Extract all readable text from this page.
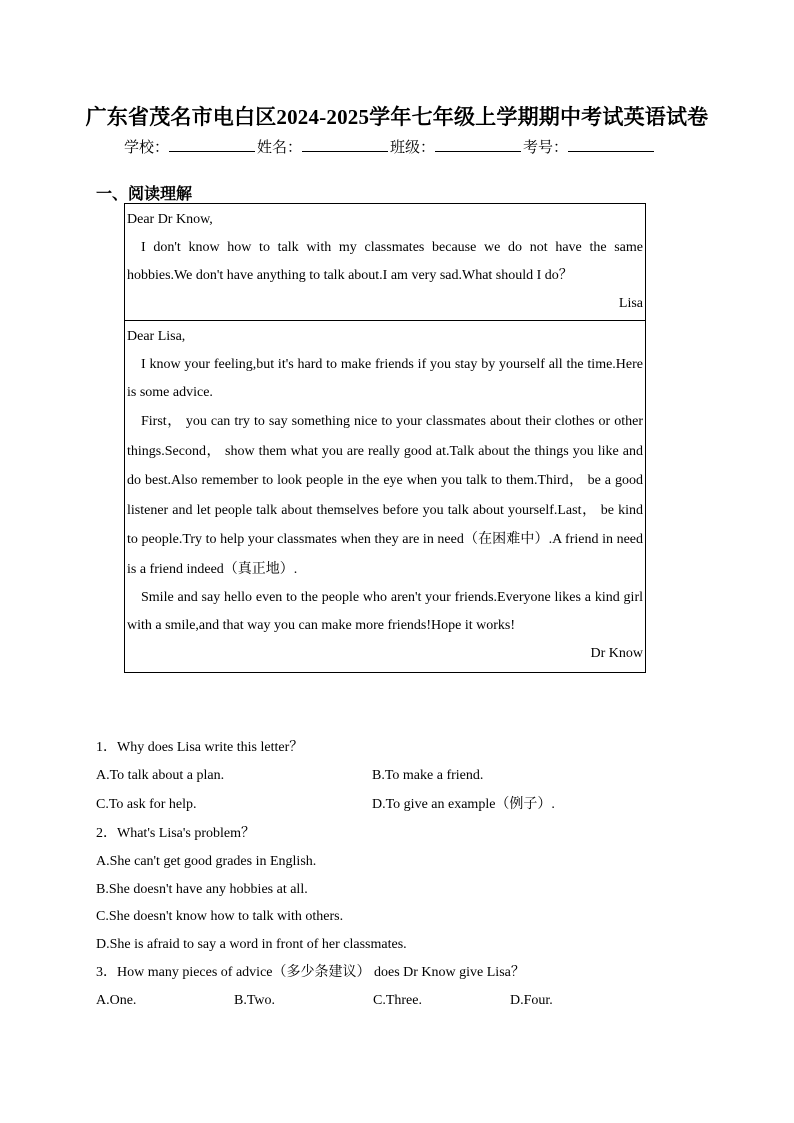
广东省茂名市电白区2024-2025学年七年级上学期期中考试英语试卷
学校：	姓名：	班级：	考号：
一、阅读理解

Dear Dr Know,

I don't know how to talk with my classmates because we do not have the same hobbies.We don't have anything to talk about.I am very sad.What should I do？

Lisa

Dear Lisa,

I know your feeling,but it's hard to make friends if you stay by yourself all the time.Here is some advice.

First， you can try to say something nice to your classmates about their clothes or other things.Second， show them what you are really good at.Talk about the things you like and do best.Also remember to look people in the eye when you talk to them.Third， be a good listener and let people talk about themselves before you talk about yourself.Last， be kind to people.Try to help your classmates when they are in need（在困难中）.A friend in need is a friend indeed（真正地）.

Smile and say hello even to the people who aren't your friends.Everyone likes a kind girl with a smile,and that way you can make more friends!Hope it works!

Dr Know

1．Why does Lisa write this letter？

A.To talk about a plan.	B.To make a friend.
C.To ask for help.	D.To give an example（例子）.

2．What's Lisa's problem？

A.She can't get good grades in English.
B.She doesn't have any hobbies at all.
C.She doesn't know how to talk with others.
D.She is afraid to say a word in front of her classmates.

3．How many pieces of advice（多少条建议） does Dr Know give Lisa？

A.One.	B.Two.	C.Three.	D.Four.
